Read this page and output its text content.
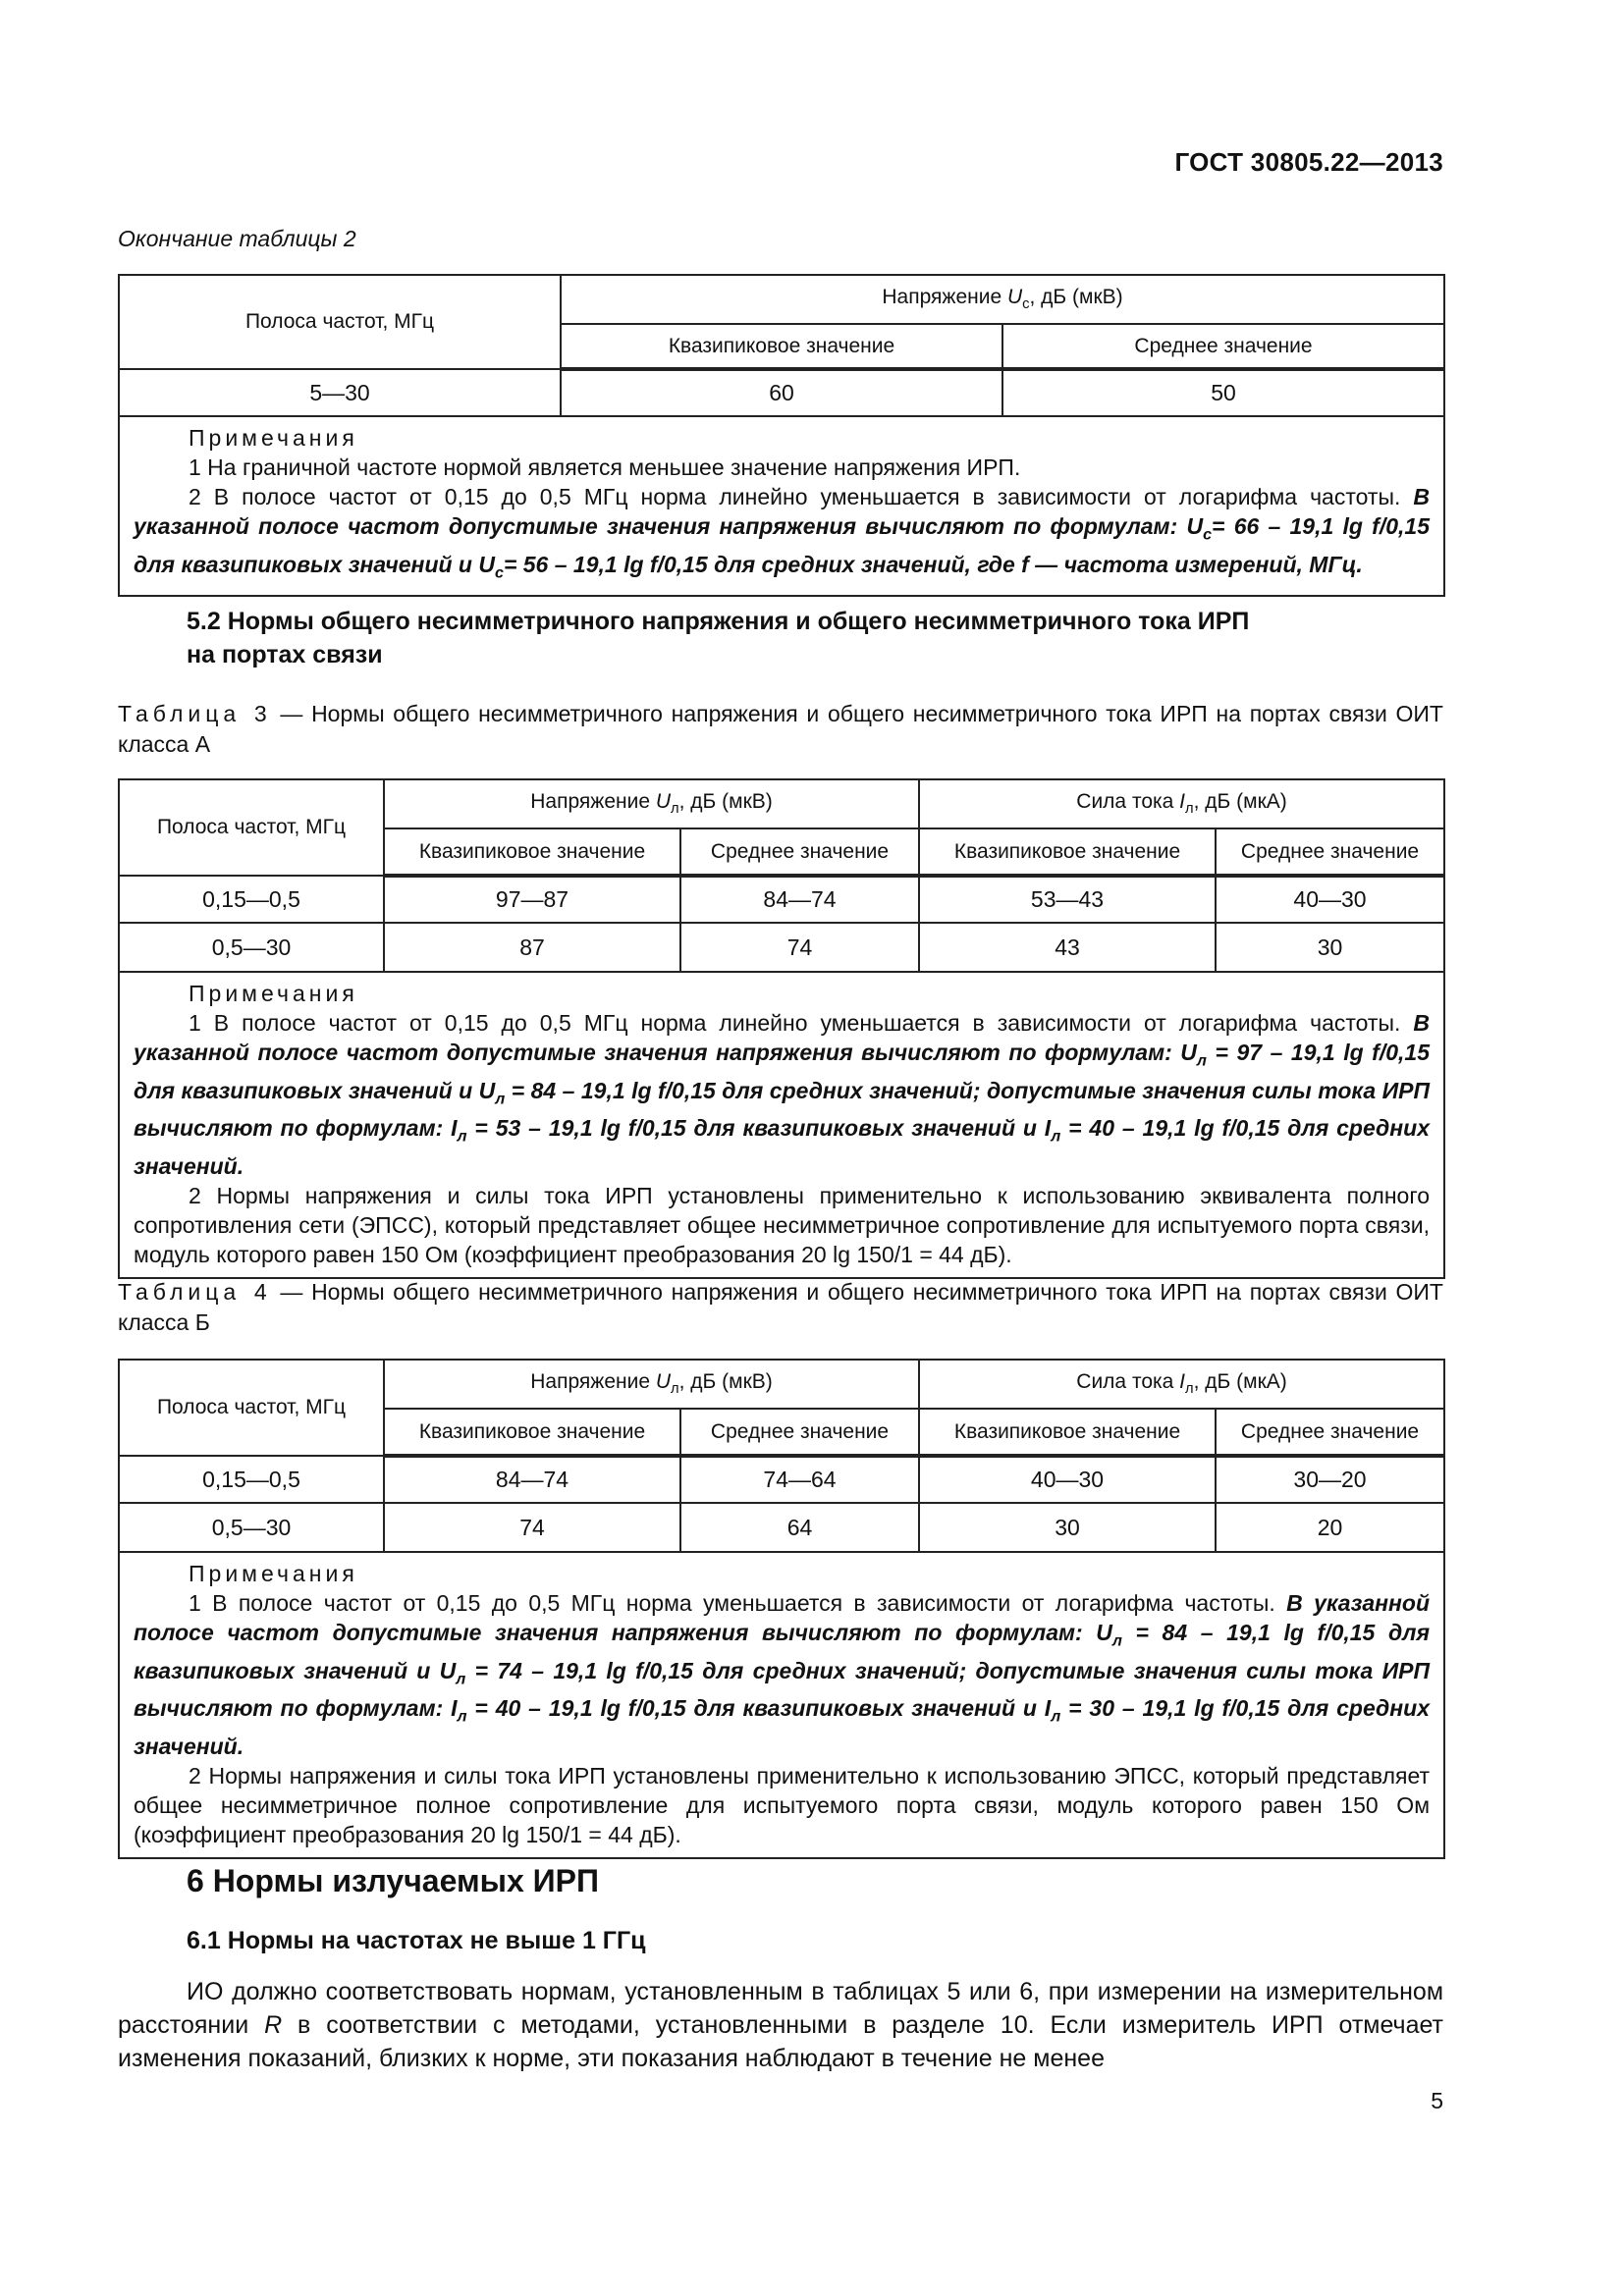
ГОСТ 30805.22—2013
Окончание таблицы 2
Полоса частот, МГц	Напряжение $U_с$, дБ (мкВ)	
	Квазипиковое значение	Среднее значение
5—30	60	50

Примечания

1 На граничной частоте нормой является меньшее значение напряжения ИРП.

2 В полосе частот от 0,15 до 0,5 МГц норма линейно уменьшается в зависимости от логарифма частоты. В указанной полосе частот допустимые значения напряжения вычисляют по формулам: $U_c= 66 - 19,1$ lg f/0,15 для квазипиковых значений и $U_c= 56 - 19,1$ lg f/0,15 для средних значений, где f — частота измерений, МГц.		

5.2 Нормы общего несимметричного напряжения и общего несимметричного тока ИРП
на портах связи
Таблица 3 — Нормы общего несимметричного напряжения и общего несимметричного тока ИРП на портах связи ОИТ класса А
Полоса частот, МГц	Напряжение $U_л$, дБ (мкВ)		Сила тока $I_л$, дБ (мкА)	
	Квазипиковое значение	Среднее значение	Квазипиковое значение	Среднее значение
0,15—0,5	97—87	84—74	53—43	40—30
0,5—30	87	74	43	30

Примечания

1 В полосе частот от 0,15 до 0,5 МГц норма линейно уменьшается в зависимости от логарифма частоты. В указанной полосе частот допустимые значения напряжения вычисляют по формулам: $U_л = 97 - 19,1$ lg f/0,15 для квазипиковых значений и $U_л = 84 - 19,1$ lg f/0,15 для средних значений; допустимые значения силы тока ИРП вычисляют по формулам: $I_л = 53 - 19,1$ lg f/0,15 для квазипиковых значений и $I_л = 40 - 19,1$ lg f/0,15 для средних значений.

2 Нормы напряжения и силы тока ИРП установлены применительно к использованию эквивалента полного сопротивления сети (ЭПСС), который представляет общее несимметричное сопротивление для испытуемого порта связи, модуль которого равен 150 Ом (коэффициент преобразования 20 lg 150/1 = 44 дБ).				

Таблица 4 — Нормы общего несимметричного напряжения и общего несимметричного тока ИРП на портах связи ОИТ класса Б
Полоса частот, МГц	Напряжение $U_л$, дБ (мкВ)		Сила тока $I_л$, дБ (мкА)	
	Квазипиковое значение	Среднее значение	Квазипиковое значение	Среднее значение
0,15—0,5	84—74	74—64	40—30	30—20
0,5—30	74	64	30	20

Примечания

1 В полосе частот от 0,15 до 0,5 МГц норма уменьшается в зависимости от логарифма частоты. В указанной полосе частот допустимые значения напряжения вычисляют по формулам: $U_л = 84 - 19,1$ lg f/0,15 для квазипиковых значений и $U_л = 74 - 19,1$ lg f/0,15 для средних значений; допустимые значения силы тока ИРП вычисляют по формулам: $I_л = 40 - 19,1$ lg f/0,15 для квазипиковых значений и $I_л = 30 - 19,1$ lg f/0,15 для средних значений.

2 Нормы напряжения и силы тока ИРП установлены применительно к использованию ЭПСС, который представляет общее несимметричное полное сопротивление для испытуемого порта связи, модуль которого равен 150 Ом (коэффициент преобразования 20 lg 150/1 = 44 дБ).				

6 Нормы излучаемых ИРП
6.1 Нормы на частотах не выше 1 ГГц
ИО должно соответствовать нормам, установленным в таблицах 5 или 6, при измерении на измерительном расстоянии R в соответствии с методами, установленными в разделе 10. Если измеритель ИРП отмечает изменения показаний, близких к норме, эти показания наблюдают в течение не менее
5
